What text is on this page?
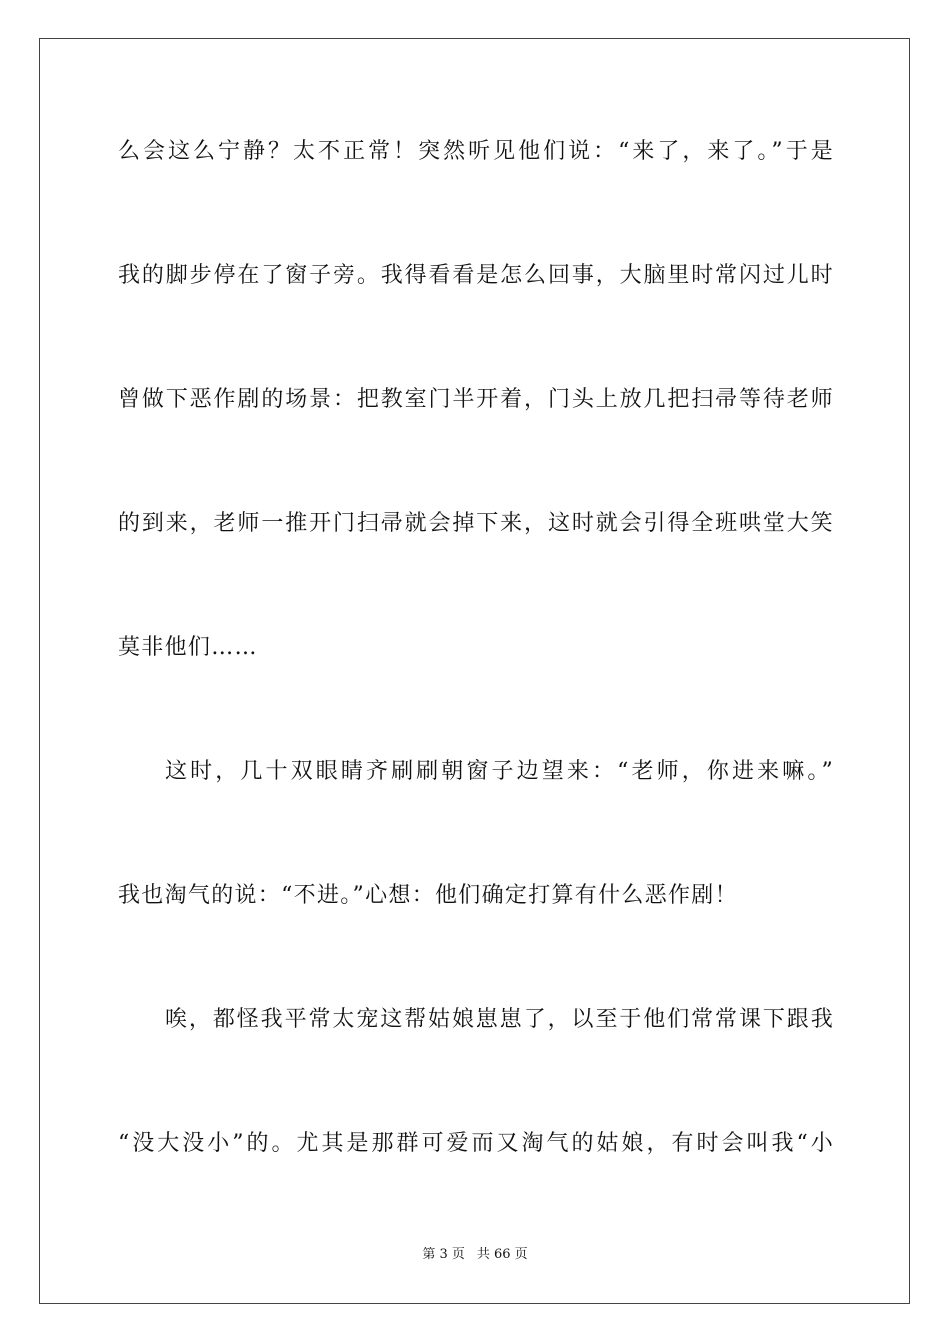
么会这么宁静？太不正常！突然听见他们说：“来了，来了。”于是
我的脚步停在了窗子旁。我得看看是怎么回事，大脑里时常闪过儿时
曾做下恶作剧的场景：把教室门半开着，门头上放几把扫帚等待老师
的到来，老师一推开门扫帚就会掉下来，这时就会引得全班哄堂大笑
莫非他们……
这时，几十双眼睛齐刷刷朝窗子边望来：“老师，你进来嘛。”
我也淘气的说：“不进。”心想：他们确定打算有什么恶作剧！
唉，都怪我平常太宠这帮姑娘崽崽了，以至于他们常常课下跟我
“没大没小”的。尤其是那群可爱而又淘气的姑娘，有时会叫我“小
第 3 页 共 66 页
